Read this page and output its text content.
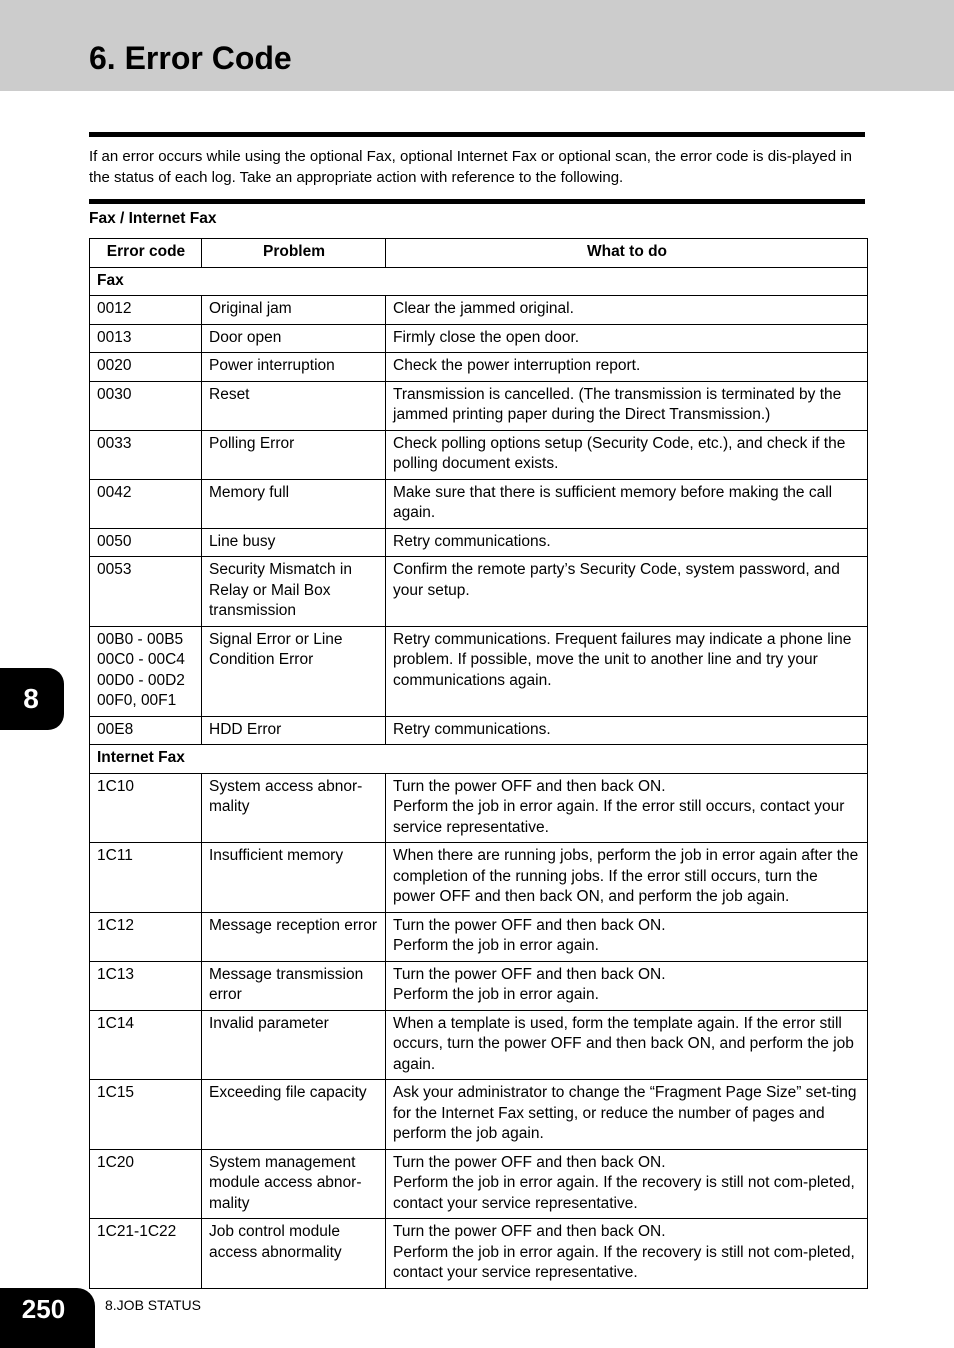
6. Error Code

If an error occurs while using the optional Fax, optional Internet Fax or optional scan, the error code is dis-played in the status of each log. Take an appropriate action with reference to the following.

Fax / Internet Fax
Error code	Problem	What to do
Fax		
0012	Original jam	Clear the jammed original.
0013	Door open	Firmly close the open door.
0020	Power interruption	Check the power interruption report.
0030	Reset	Transmission is cancelled. (The transmission is terminated by the jammed printing paper during the Direct Transmission.)
0033	Polling Error	Check polling options setup (Security Code, etc.), and check if the polling document exists.
0042	Memory full	Make sure that there is sufficient memory before making the call again.
0050	Line busy	Retry communications.
0053	Security Mismatch in Relay or Mail Box transmission	Confirm the remote party’s Security Code, system password, and your setup.
00B0 - 00B5
00C0 - 00C4
00D0 - 00D2
00F0, 00F1	Signal Error or Line Condition Error	Retry communications. Frequent failures may indicate a phone line problem. If possible, move the unit to another line and try your communications again.
00E8	HDD Error	Retry communications.
Internet Fax		
1C10	System access abnor-mality	Turn the power OFF and then back ON.
Perform the job in error again. If the error still occurs, contact your service representative.
1C11	Insufficient memory	When there are running jobs, perform the job in error again after the completion of the running jobs. If the error still occurs, turn the power OFF and then back ON, and perform the job again.
1C12	Message reception error	Turn the power OFF and then back ON.
Perform the job in error again.
1C13	Message transmission error	Turn the power OFF and then back ON.
Perform the job in error again.
1C14	Invalid parameter	When a template is used, form the template again. If the error still occurs, turn the power OFF and then back ON, and perform the job again.
1C15	Exceeding file capacity	Ask your administrator to change the “Fragment Page Size” set-ting for the Internet Fax setting, or reduce the number of pages and perform the job again.
1C20	System management module access abnor-mality	Turn the power OFF and then back ON.
Perform the job in error again. If the recovery is still not com-pleted, contact your service representative.
1C21-1C22	Job control module access abnormality	Turn the power OFF and then back ON.
Perform the job in error again. If the recovery is still not com-pleted, contact your service representative.
8
250	8.JOB STATUS
